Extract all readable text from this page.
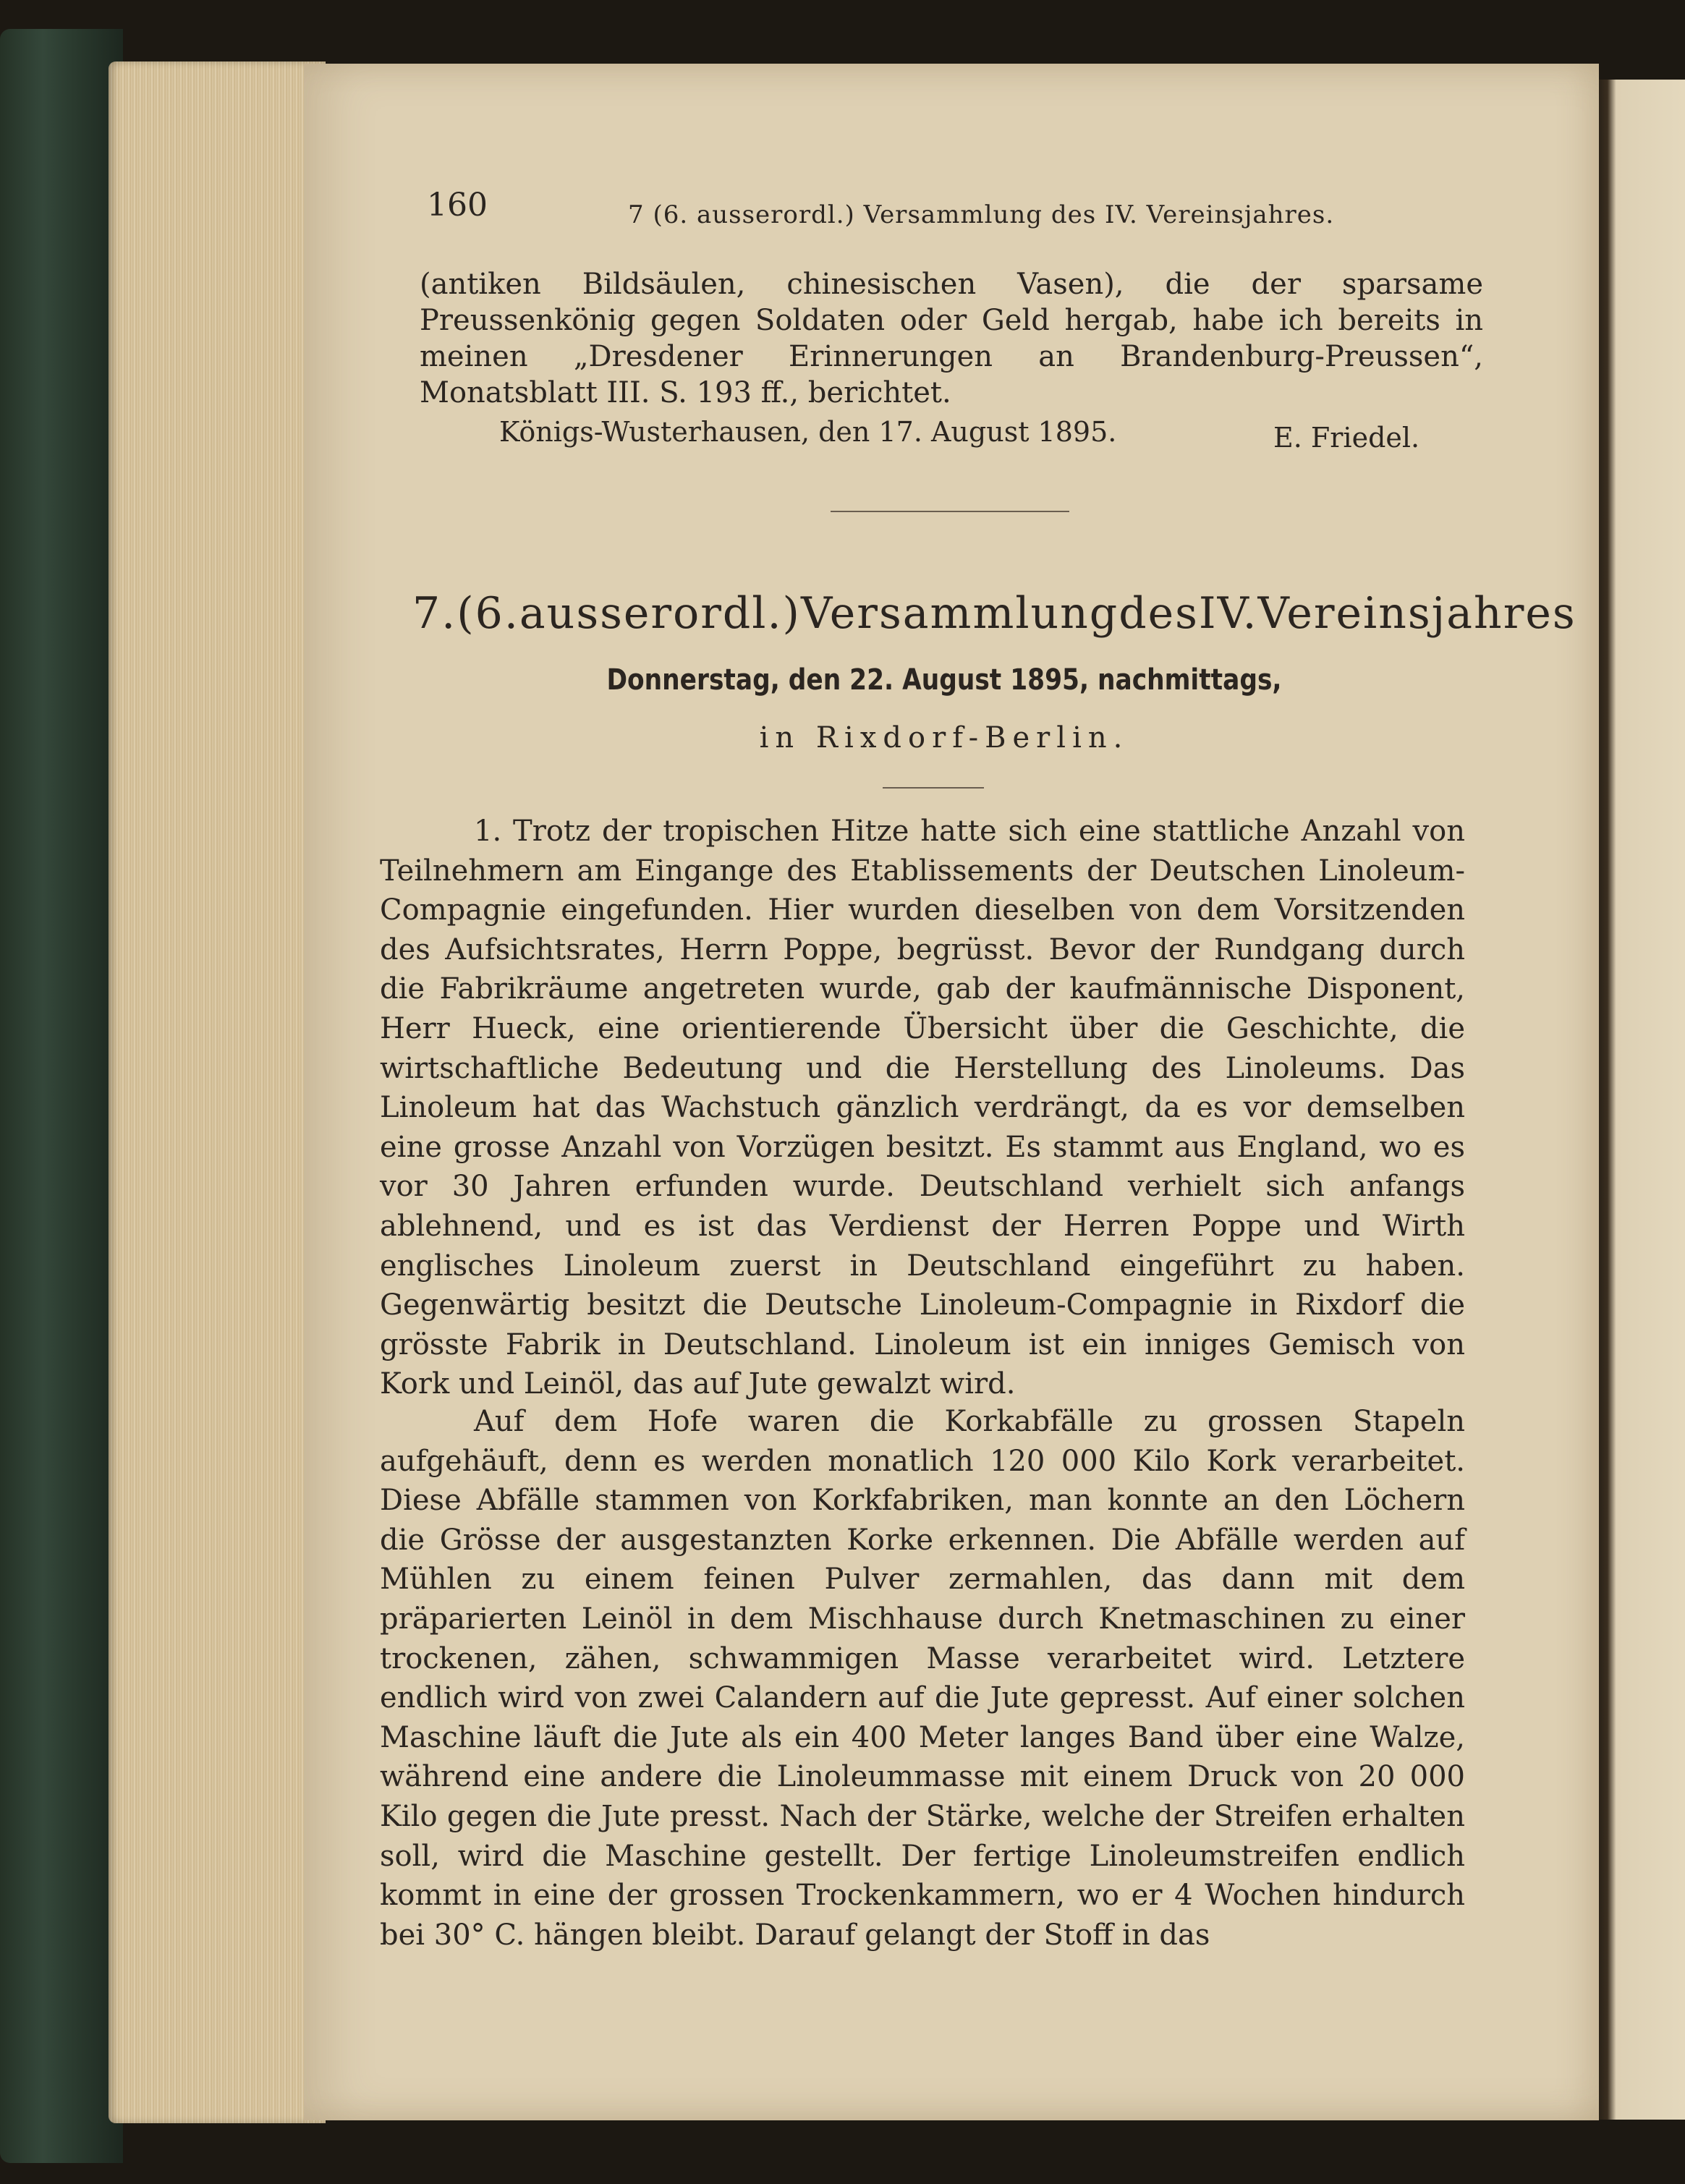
160	7 (6. ausserordl.) Versammlung des IV. Vereinsjahres.
(antiken Bildsäulen, chinesischen Vasen), die der sparsame Preussenkönig gegen Soldaten oder Geld hergab, habe ich bereits in meinen „Dresdener Erinnerungen an Brandenburg-Preussen“, Monatsblatt III. S. 193 ff., berichtet.
Königs-Wusterhausen, den 17. August 1895.	E. Friedel.
7.(6.ausserordl.)VersammlungdesIV.Vereinsjahres
Donnerstag, den 22. August 1895, nachmittags,
in Rixdorf-Berlin.
1. Trotz der tropischen Hitze hatte sich eine stattliche Anzahl von Teilnehmern am Eingange des Etablissements der Deutschen Linoleum-Compagnie eingefunden. Hier wurden dieselben von dem Vorsitzenden des Aufsichtsrates, Herrn Poppe, begrüsst. Bevor der Rundgang durch die Fabrikräume angetreten wurde, gab der kaufmännische Disponent, Herr Hueck, eine orientierende Übersicht über die Geschichte, die wirtschaftliche Bedeutung und die Herstellung des Linoleums. Das Linoleum hat das Wachstuch gänzlich verdrängt, da es vor demselben eine grosse Anzahl von Vorzügen besitzt. Es stammt aus England, wo es vor 30 Jahren erfunden wurde. Deutschland verhielt sich anfangs ablehnend, und es ist das Verdienst der Herren Poppe und Wirth englisches Linoleum zuerst in Deutschland eingeführt zu haben. Gegenwärtig besitzt die Deutsche Linoleum-Compagnie in Rixdorf die grösste Fabrik in Deutschland. Linoleum ist ein inniges Gemisch von Kork und Leinöl, das auf Jute gewalzt wird.
Auf dem Hofe waren die Korkabfälle zu grossen Stapeln aufgehäuft, denn es werden monatlich 120 000 Kilo Kork verarbeitet. Diese Abfälle stammen von Korkfabriken, man konnte an den Löchern die Grösse der ausgestanzten Korke erkennen. Die Abfälle werden auf Mühlen zu einem feinen Pulver zermahlen, das dann mit dem präparierten Leinöl in dem Mischhause durch Knetmaschinen zu einer trockenen, zähen, schwammigen Masse verarbeitet wird. Letztere endlich wird von zwei Calandern auf die Jute gepresst. Auf einer solchen Maschine läuft die Jute als ein 400 Meter langes Band über eine Walze, während eine andere die Linoleummasse mit einem Druck von 20 000 Kilo gegen die Jute presst. Nach der Stärke, welche der Streifen erhalten soll, wird die Maschine gestellt. Der fertige Linoleumstreifen endlich kommt in eine der grossen Trockenkammern, wo er 4 Wochen hindurch bei 30° C. hängen bleibt. Darauf gelangt der Stoff in das
